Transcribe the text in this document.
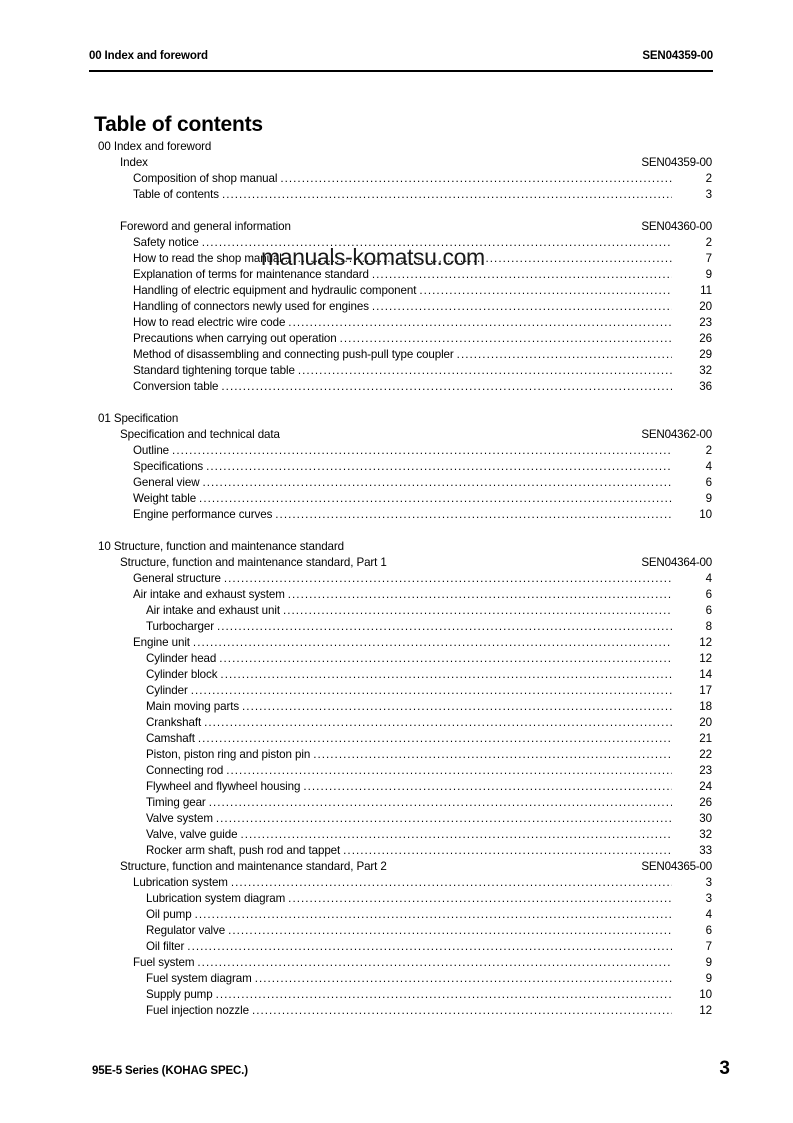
00 Index and foreword	SEN04359-00
Table of contents
00 Index and foreword
Index	SEN04359-00
Composition of shop manual .....	2
Table of contents .....	3
Foreword and general information	SEN04360-00
Safety notice .....	2
How to read the shop manual .....	7
Explanation of terms for maintenance standard .....	9
Handling of electric equipment and hydraulic component .....	11
Handling of connectors newly used for engines .....	20
How to read electric wire code .....	23
Precautions when carrying out operation .....	26
Method of disassembling and connecting push-pull type coupler .....	29
Standard tightening torque table .....	32
Conversion table .....	36
01 Specification
Specification and technical data	SEN04362-00
Outline .....	2
Specifications .....	4
General view .....	6
Weight table .....	9
Engine performance curves .....	10
10 Structure, function and maintenance standard
Structure, function and maintenance standard, Part 1	SEN04364-00
General structure .....	4
Air intake and exhaust system .....	6
Air intake and exhaust unit .....	6
Turbocharger .....	8
Engine unit .....	12
Cylinder head .....	12
Cylinder block .....	14
Cylinder .....	17
Main moving parts .....	18
Crankshaft .....	20
Camshaft .....	21
Piston, piston ring and piston pin .....	22
Connecting rod .....	23
Flywheel and flywheel housing .....	24
Timing gear .....	26
Valve system .....	30
Valve, valve guide .....	32
Rocker arm shaft, push rod and tappet .....	33
Structure, function and maintenance standard, Part 2	SEN04365-00
Lubrication system .....	3
Lubrication system diagram .....	3
Oil pump .....	4
Regulator valve .....	6
Oil filter .....	7
Fuel system .....	9
Fuel system diagram .....	9
Supply pump .....	10
Fuel injection nozzle .....	12
manuals-komatsu.com
95E-5 Series (KOHAG SPEC.)	3
